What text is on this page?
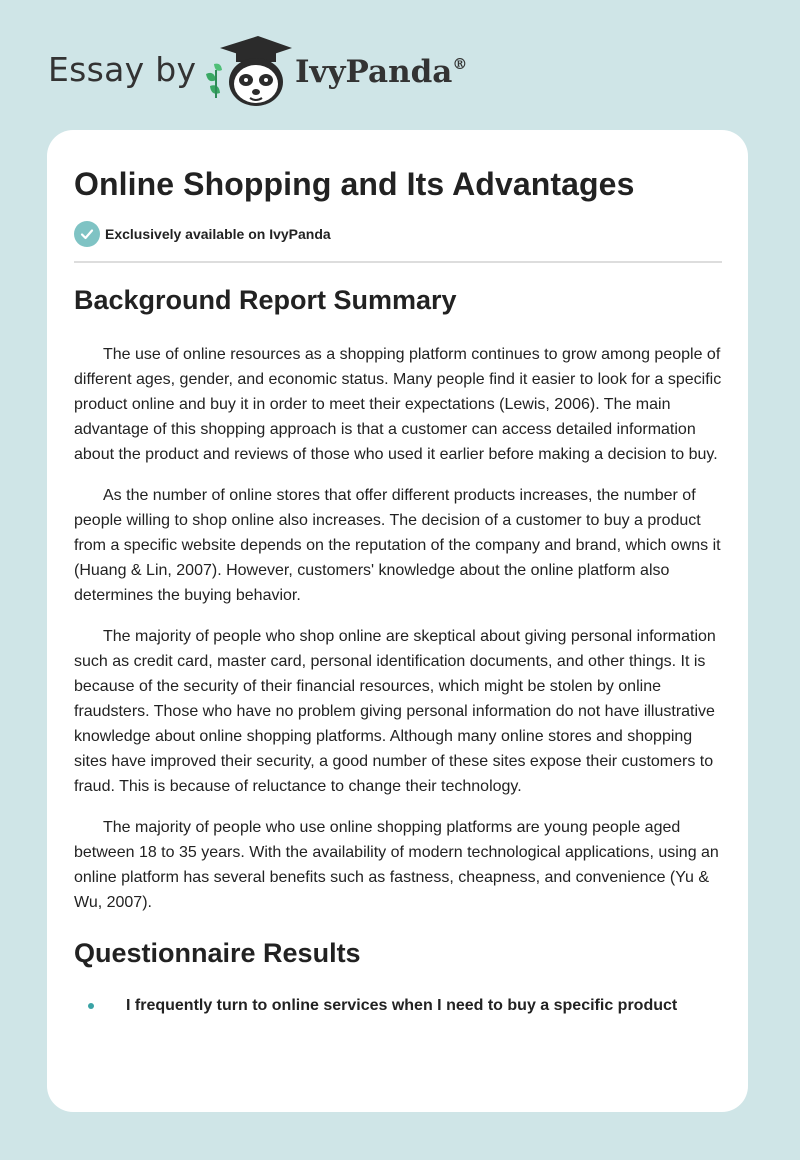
Essay by	IvyPanda®
Online Shopping and Its Advantages
Exclusively available on IvyPanda
Background Report Summary

The use of online resources as a shopping platform continues to grow among people of different ages, gender, and economic status. Many people find it easier to look for a specific product online and buy it in order to meet their expectations (Lewis, 2006). The main advantage of this shopping approach is that a customer can access detailed information about the product and reviews of those who used it earlier before making a decision to buy.

As the number of online stores that offer different products increases, the number of people willing to shop online also increases. The decision of a customer to buy a product from a specific website depends on the reputation of the company and brand, which owns it (Huang & Lin, 2007). However, customers' knowledge about the online platform also determines the buying behavior.

The majority of people who shop online are skeptical about giving personal information such as credit card, master card, personal identification documents, and other things. It is because of the security of their financial resources, which might be stolen by online fraudsters. Those who have no problem giving personal information do not have illustrative knowledge about online shopping platforms. Although many online stores and shopping sites have improved their security, a good number of these sites expose their customers to fraud. This is because of reluctance to change their technology.

The majority of people who use online shopping platforms are young people aged between 18 to 35 years. With the availability of modern technological applications, using an online platform has several benefits such as fastness, cheapness, and convenience (Yu & Wu, 2007).

Questionnaire Results
I frequently turn to online services when I need to buy a specific product
